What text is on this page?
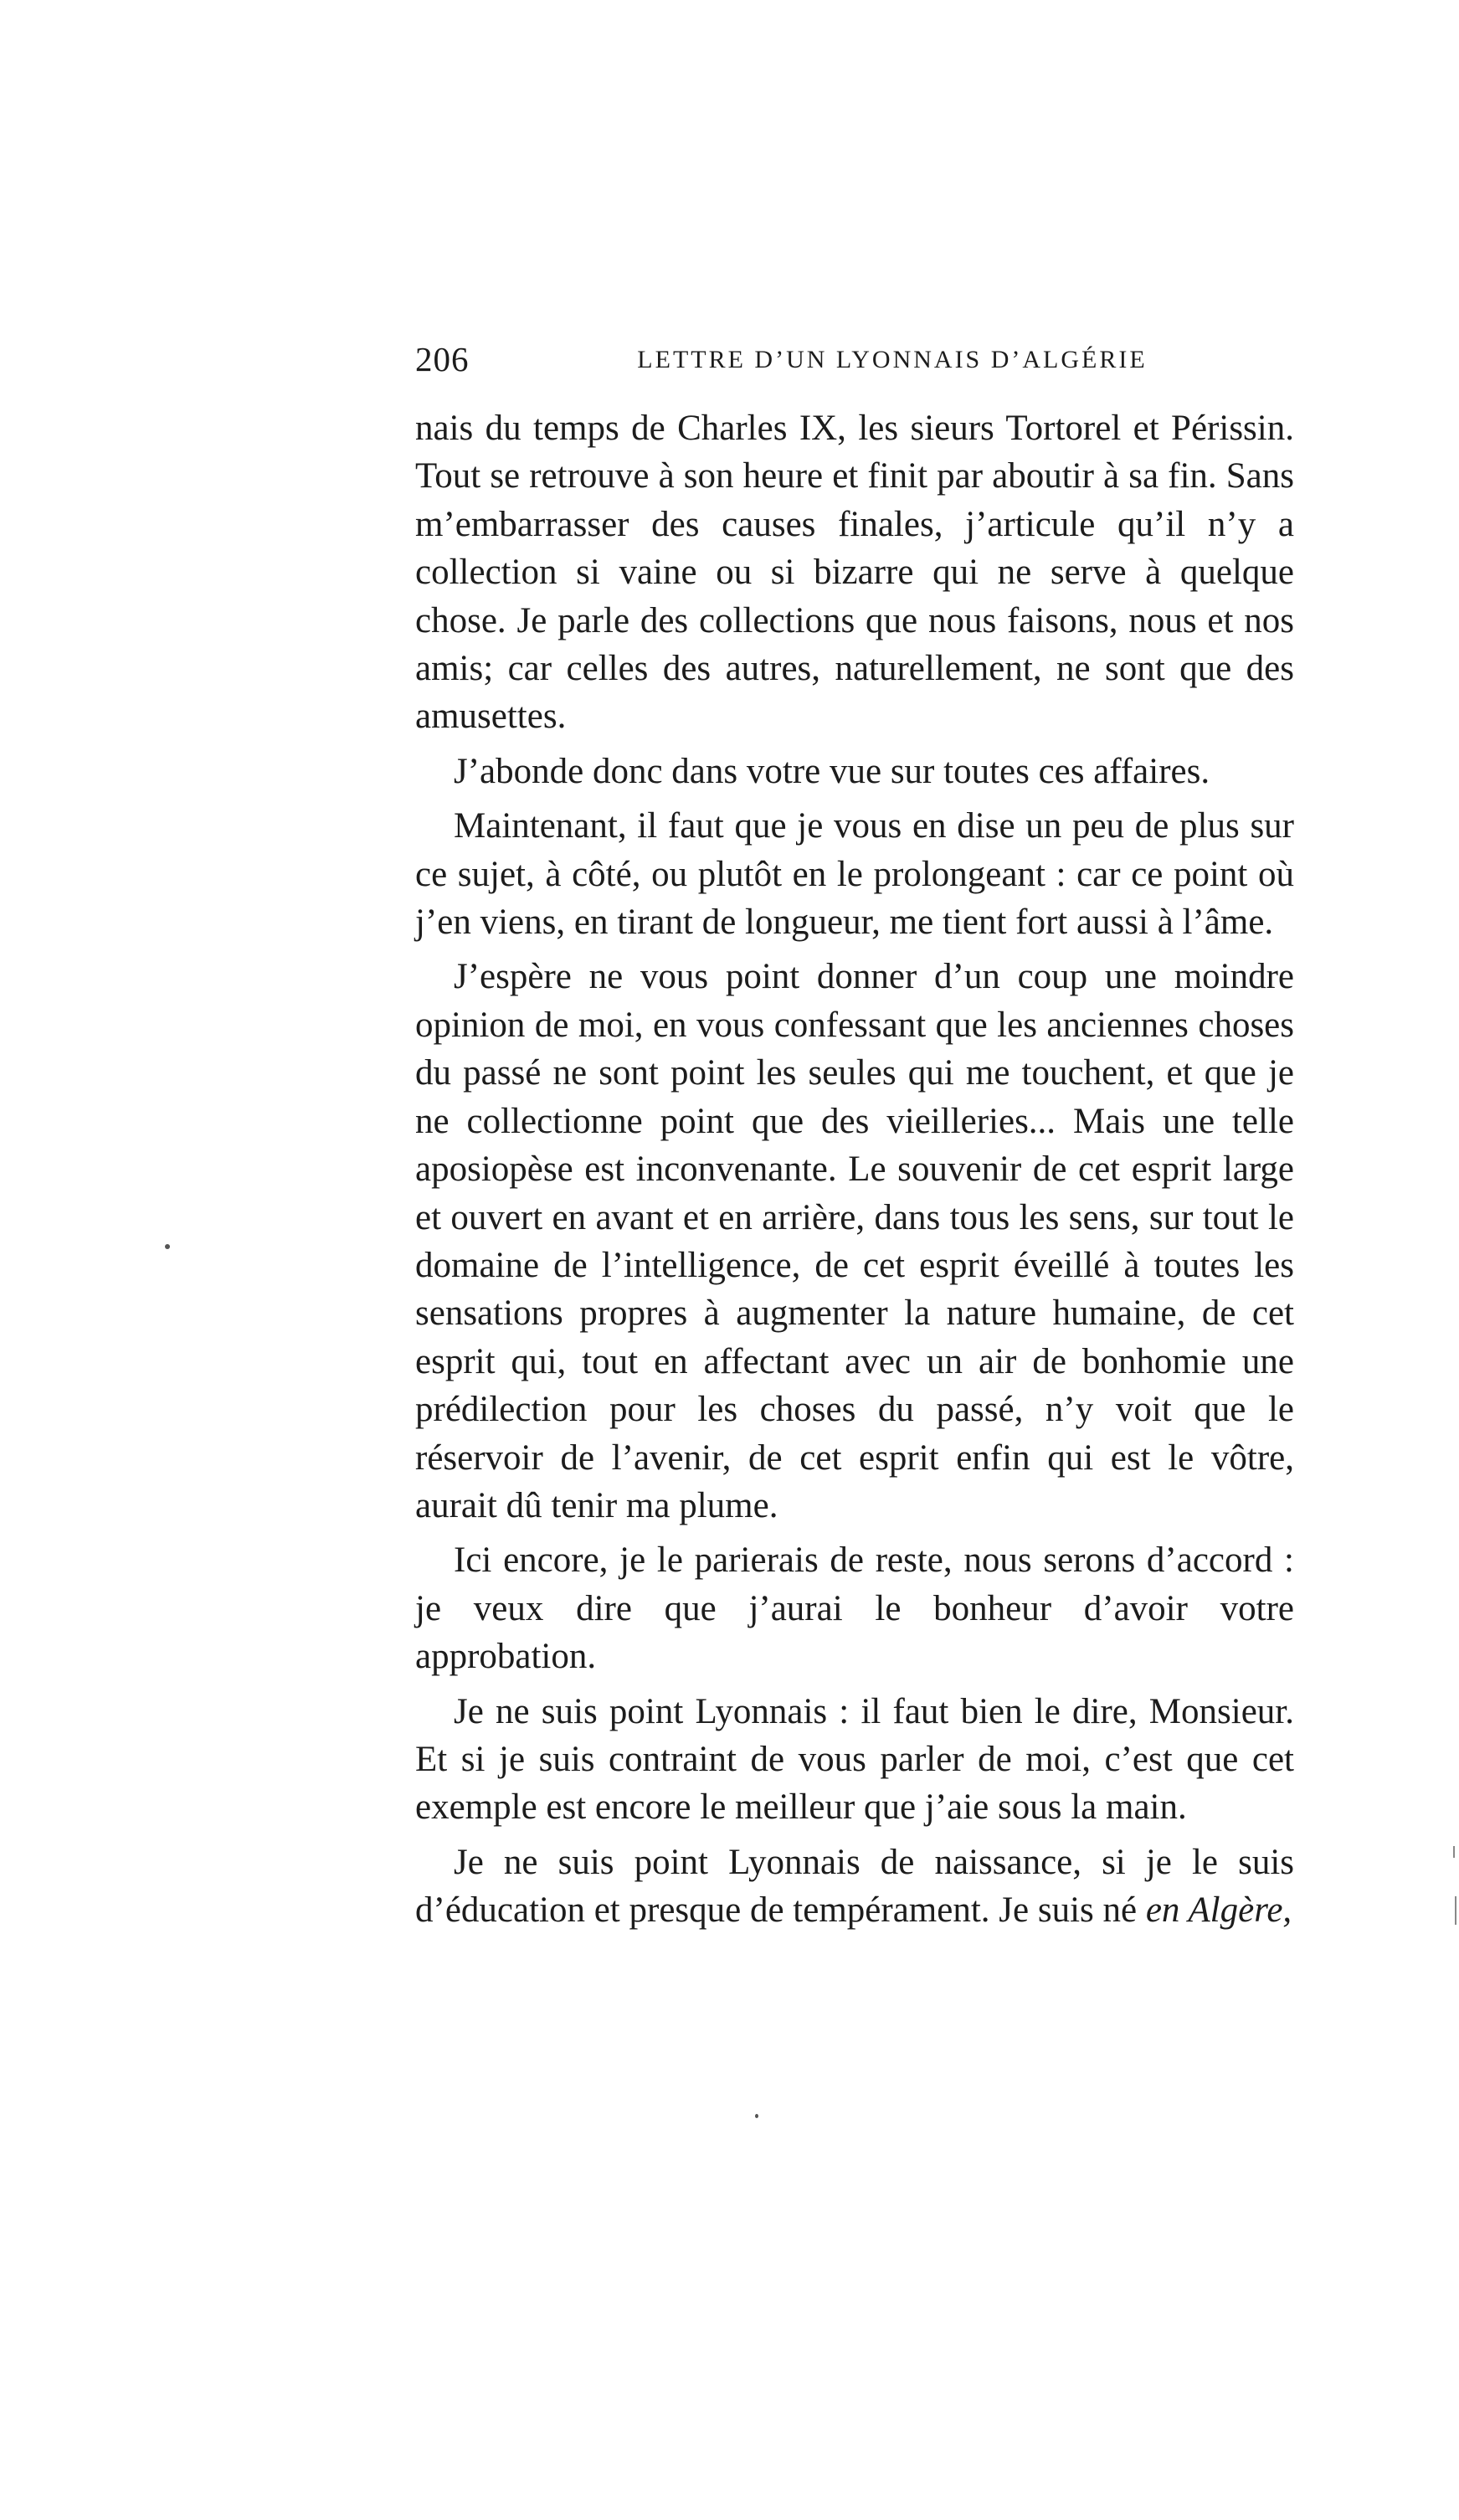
206	LETTRE D’UN LYONNAIS D’ALGÉRIE

nais du temps de Charles IX, les sieurs Tortorel et Périssin. Tout se retrouve à son heure et finit par aboutir à sa fin. Sans m’embarrasser des causes finales, j’articule qu’il n’y a collection si vaine ou si bizarre qui ne serve à quelque chose. Je parle des collections que nous faisons, nous et nos amis; car celles des autres, naturellement, ne sont que des amusettes.

J’abonde donc dans votre vue sur toutes ces affaires.

Maintenant, il faut que je vous en dise un peu de plus sur ce sujet, à côté, ou plutôt en le prolongeant : car ce point où j’en viens, en tirant de longueur, me tient fort aussi à l’âme.

J’espère ne vous point donner d’un coup une moindre opinion de moi, en vous confessant que les anciennes choses du passé ne sont point les seules qui me touchent, et que je ne collectionne point que des vieilleries... Mais une telle aposiopèse est inconvenante. Le souvenir de cet esprit large et ouvert en avant et en arrière, dans tous les sens, sur tout le domaine de l’intelligence, de cet esprit éveillé à toutes les sensations propres à augmenter la nature humaine, de cet esprit qui, tout en affectant avec un air de bonhomie une prédilection pour les choses du passé, n’y voit que le réservoir de l’avenir, de cet esprit enfin qui est le vôtre, aurait dû tenir ma plume.

Ici encore, je le parierais de reste, nous serons d’accord : je veux dire que j’aurai le bonheur d’avoir votre approbation.

Je ne suis point Lyonnais : il faut bien le dire, Monsieur. Et si je suis contraint de vous parler de moi, c’est que cet exemple est encore le meilleur que j’aie sous la main.

Je ne suis point Lyonnais de naissance, si je le suis d’éducation et presque de tempérament. Je suis né en Algère,
